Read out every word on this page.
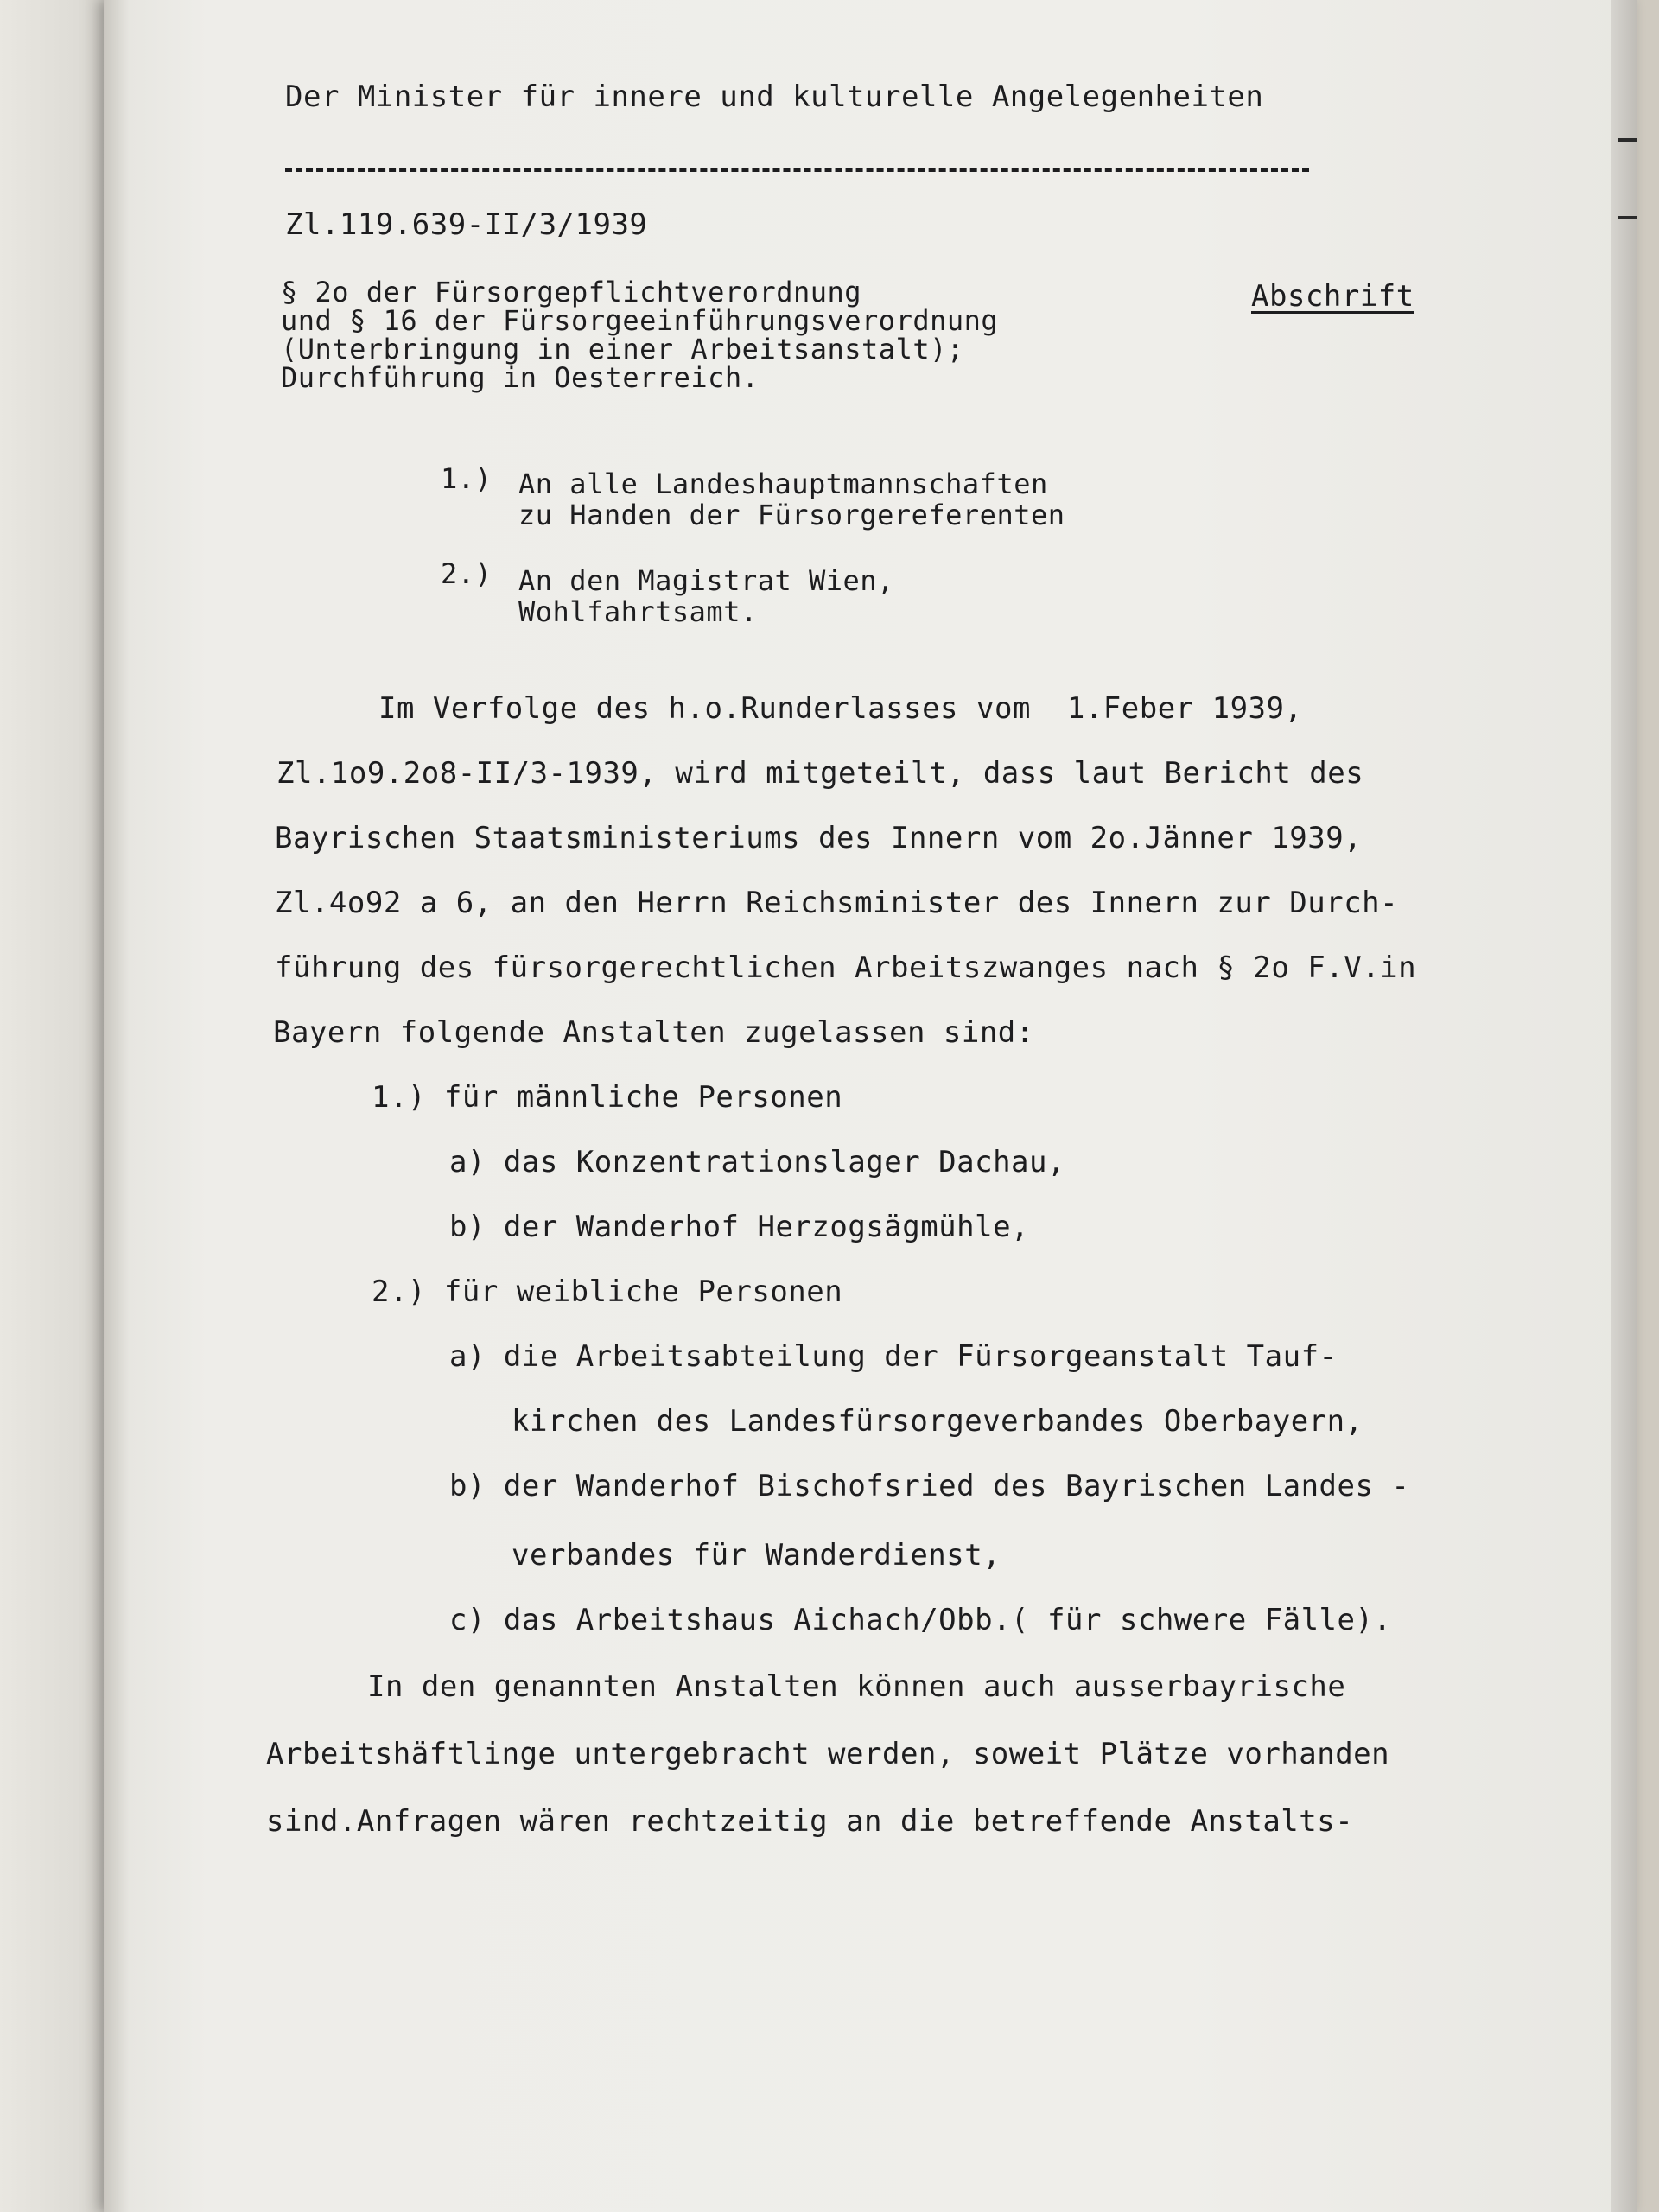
Der Minister für innere und kulturelle Angelegenheiten
Zl.119.639-II/3/1939
Abschrift
§ 2o der Fürsorgepflichtverordnung
und § 16 der Fürsorgeeinführungsverordnung
(Unterbringung in einer Arbeitsanstalt);
Durchführung in Oesterreich.
1.) An alle Landeshauptmannschaften
zu Handen der Fürsorgereferenten
2.) An den Magistrat Wien,
Wohlfahrtsamt.
Im Verfolge des h.o.Runderlasses vom  1.Feber 1939,
Zl.1o9.2o8-II/3-1939, wird mitgeteilt, dass laut Bericht des
Bayrischen Staatsministeriums des Innern vom 2o.Jänner 1939,
Zl.4o92 a 6, an den Herrn Reichsminister des Innern zur Durch-
führung des fürsorgerechtlichen Arbeitszwanges nach § 2o F.V.in
Bayern folgende Anstalten zugelassen sind:
1.) für männliche Personen
a) das Konzentrationslager Dachau,
b) der Wanderhof Herzogsägmühle,
2.) für weibliche Personen
a) die Arbeitsabteilung der Fürsorgeanstalt Tauf-
kirchen des Landesfürsorgeverbandes Oberbayern,
b) der Wanderhof Bischofsried des Bayrischen Landes -
verbandes für Wanderdienst,
c) das Arbeitshaus Aichach/Obb.( für schwere Fälle).
In den genannten Anstalten können auch ausserbayrische
Arbeitshäftlinge untergebracht werden, soweit Plätze vorhanden
sind.Anfragen wären rechtzeitig an die betreffende Anstalts-
